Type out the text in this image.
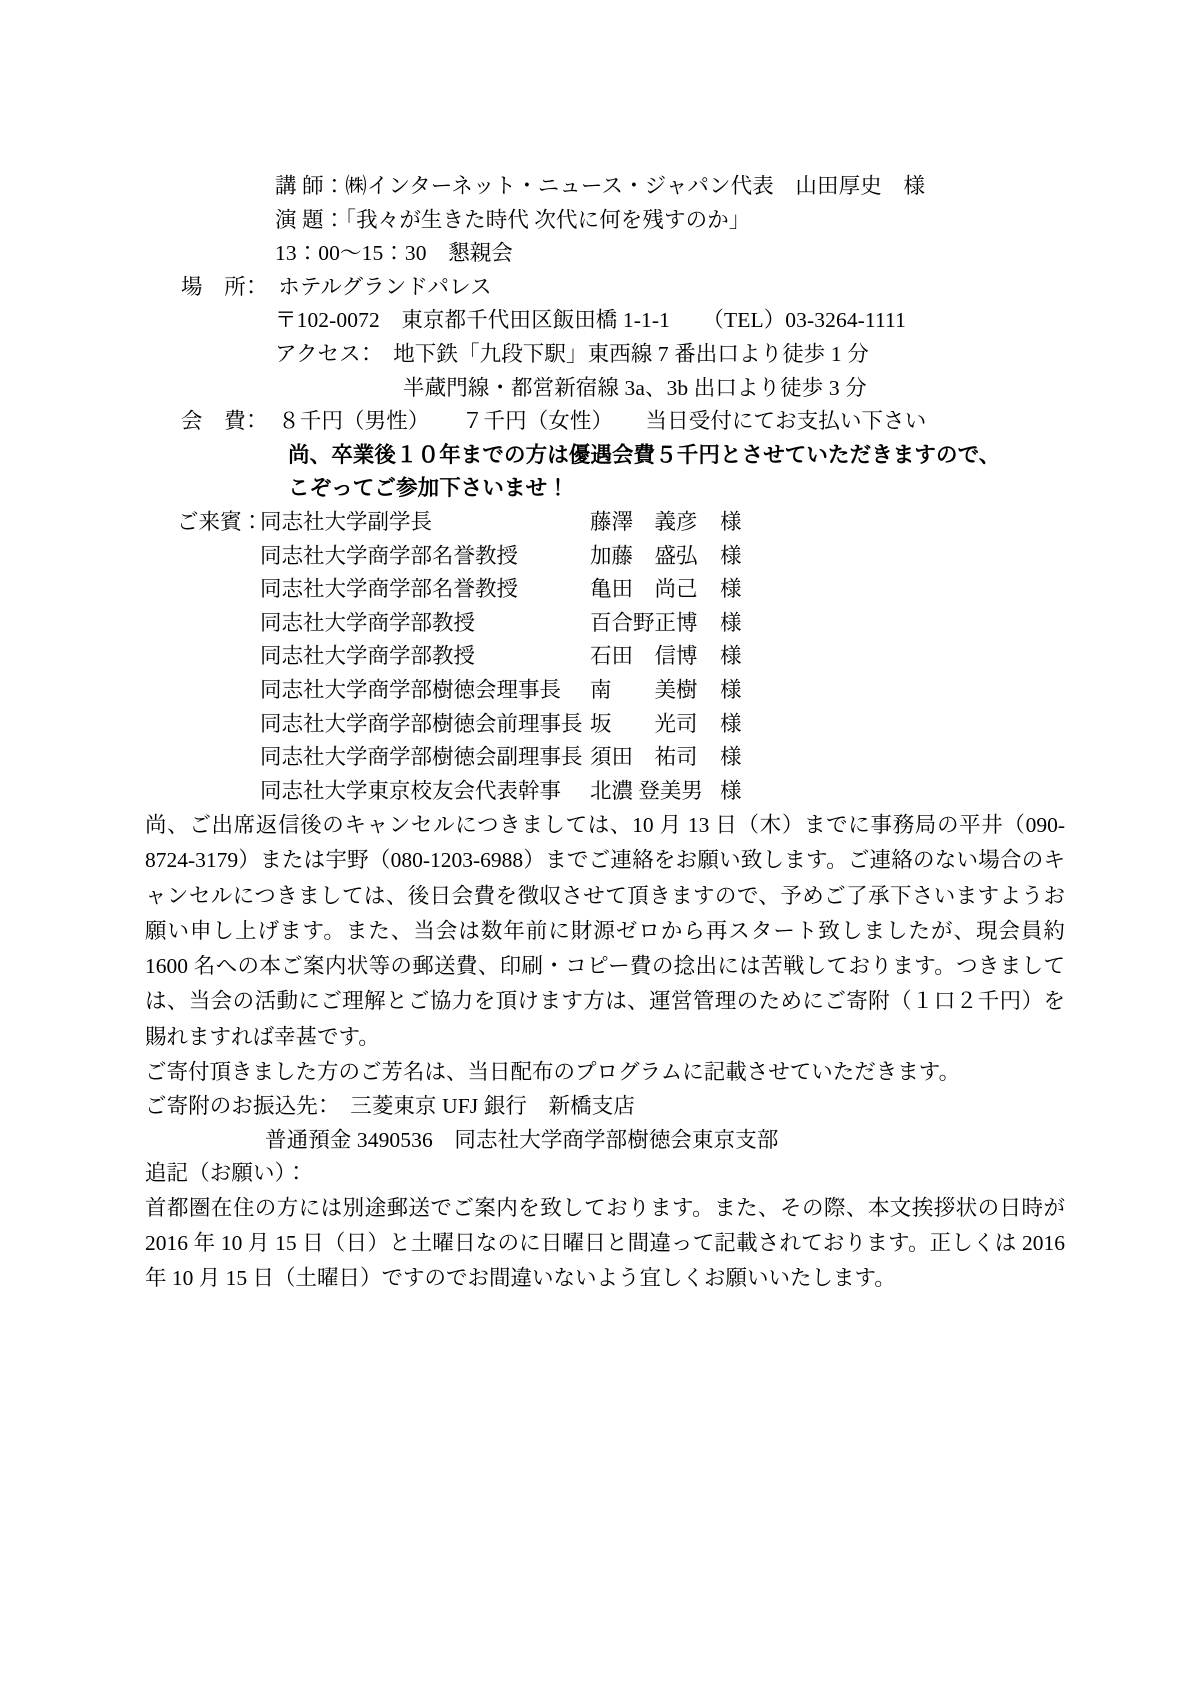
講 師：㈱インターネット・ニュース・ジャパン代表　山田厚史　様
演 題：「我々が生きた時代 次代に何を残すのか」
13：00〜15：30　懇親会
場　所：　ホテルグランドパレス
〒102-0072　東京都千代田区飯田橋 1-1-1　　（TEL）03-3264-1111
アクセス：　地下鉄「九段下駅」東西線 7 番出口より徒歩 1 分
半蔵門線・都営新宿線 3a、3b 出口より徒歩 3 分
会　費：　８千円（男性）　　７千円（女性）　　当日受付にてお支払い下さい
尚、卒業後１０年までの方は優遇会費５千円とさせていただきますので、
こぞってご参加下さいませ！
ご来賓：
同志社大学副学長	藤澤　義彦	様
同志社大学商学部名誉教授	加藤　盛弘	様
同志社大学商学部名誉教授	亀田　尚己	様
同志社大学商学部教授	百合野正博	様
同志社大学商学部教授	石田　信博	様
同志社大学商学部樹徳会理事長	南　　美樹	様
同志社大学商学部樹徳会前理事長 坂　　光司	様
同志社大学商学部樹徳会副理事長 須田　祐司	様
同志社大学東京校友会代表幹事	北濃 登美男 様

尚、ご出席返信後のキャンセルにつきましては、10 月 13 日（木）までに事務局の平井（090-8724-3179）または宇野（080-1203-6988）までご連絡をお願い致します。ご連絡のない場合のキャンセルにつきましては、後日会費を徴収させて頂きますので、予めご了承下さいますようお願い申し上げます。また、当会は数年前に財源ゼロから再スタート致しましたが、現会員約 1600 名への本ご案内状等の郵送費、印刷・コピー費の捻出には苦戦しております。つきましては、当会の活動にご理解とご協力を頂けます方は、運営管理のためにご寄附（１口２千円）を賜れますれば幸甚です。

ご寄付頂きました方のご芳名は、当日配布のプログラムに記載させていただきます。

ご寄附のお振込先：　三菱東京 UFJ 銀行　新橋支店
普通預金 3490536　同志社大学商学部樹徳会東京支部
追記（お願い）：

首都圏在住の方には別途郵送でご案内を致しております。また、その際、本文挨拶状の日時が 2016 年 10 月 15 日（日）と土曜日なのに日曜日と間違って記載されております。正しくは 2016 年 10 月 15 日（土曜日）ですのでお間違いないよう宜しくお願いいたします。
